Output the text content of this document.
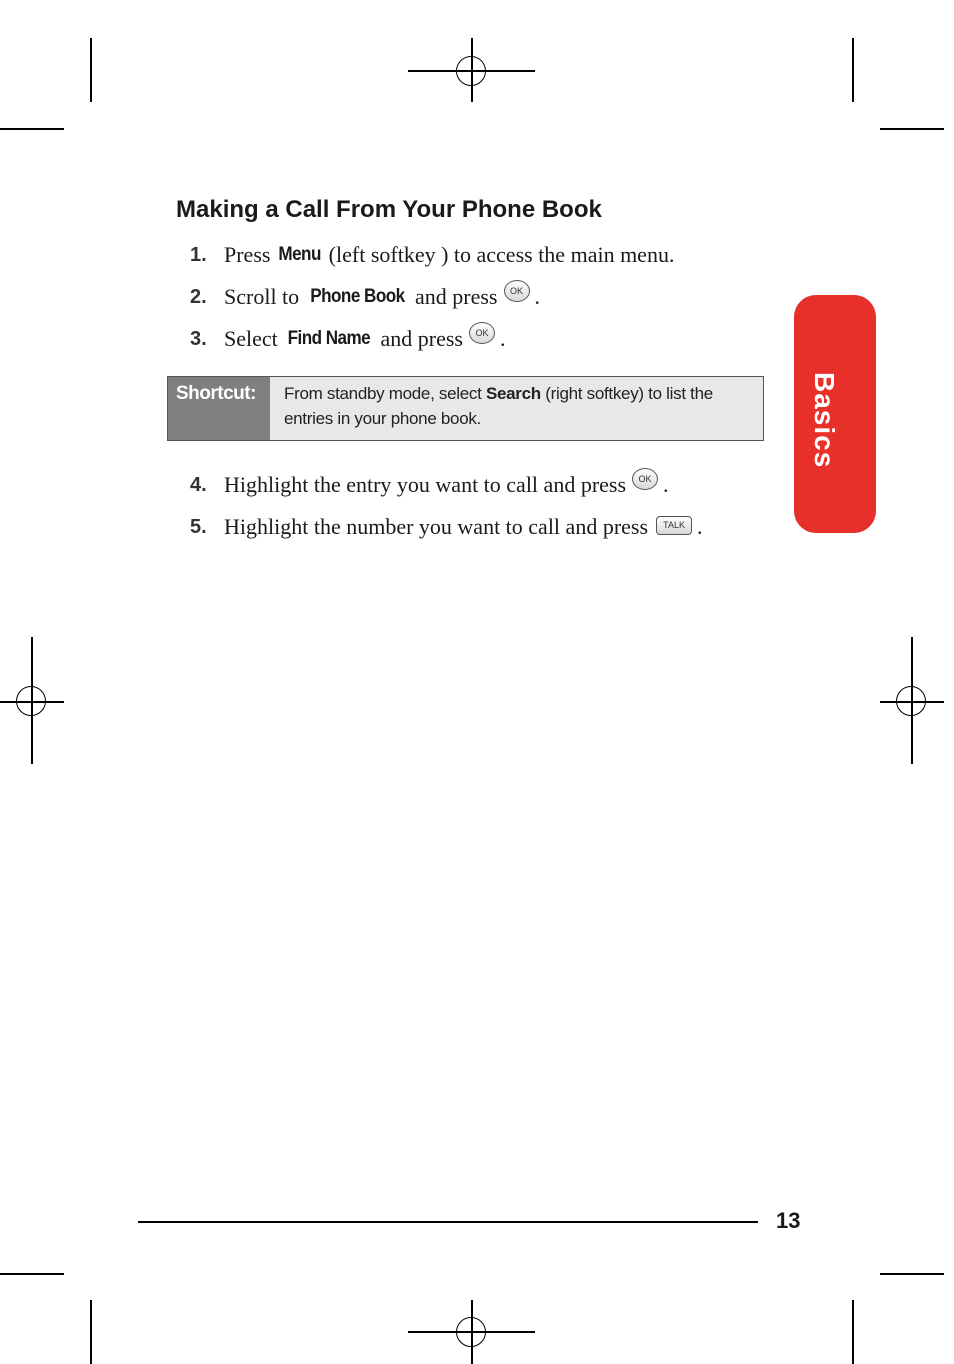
Making a Call From Your Phone Book
1. Press Menu (left softkey ) to access the main menu.
2. Scroll to Phone Book and press	OK .
3. Select Find Name and press	OK .
Shortcut:	From standby mode, select Search (right softkey) to list the entries in your phone book.
4. Highlight the entry you want to call and press	OK .
5. Highlight the number you want to call and press	TALK .
Basics
13
